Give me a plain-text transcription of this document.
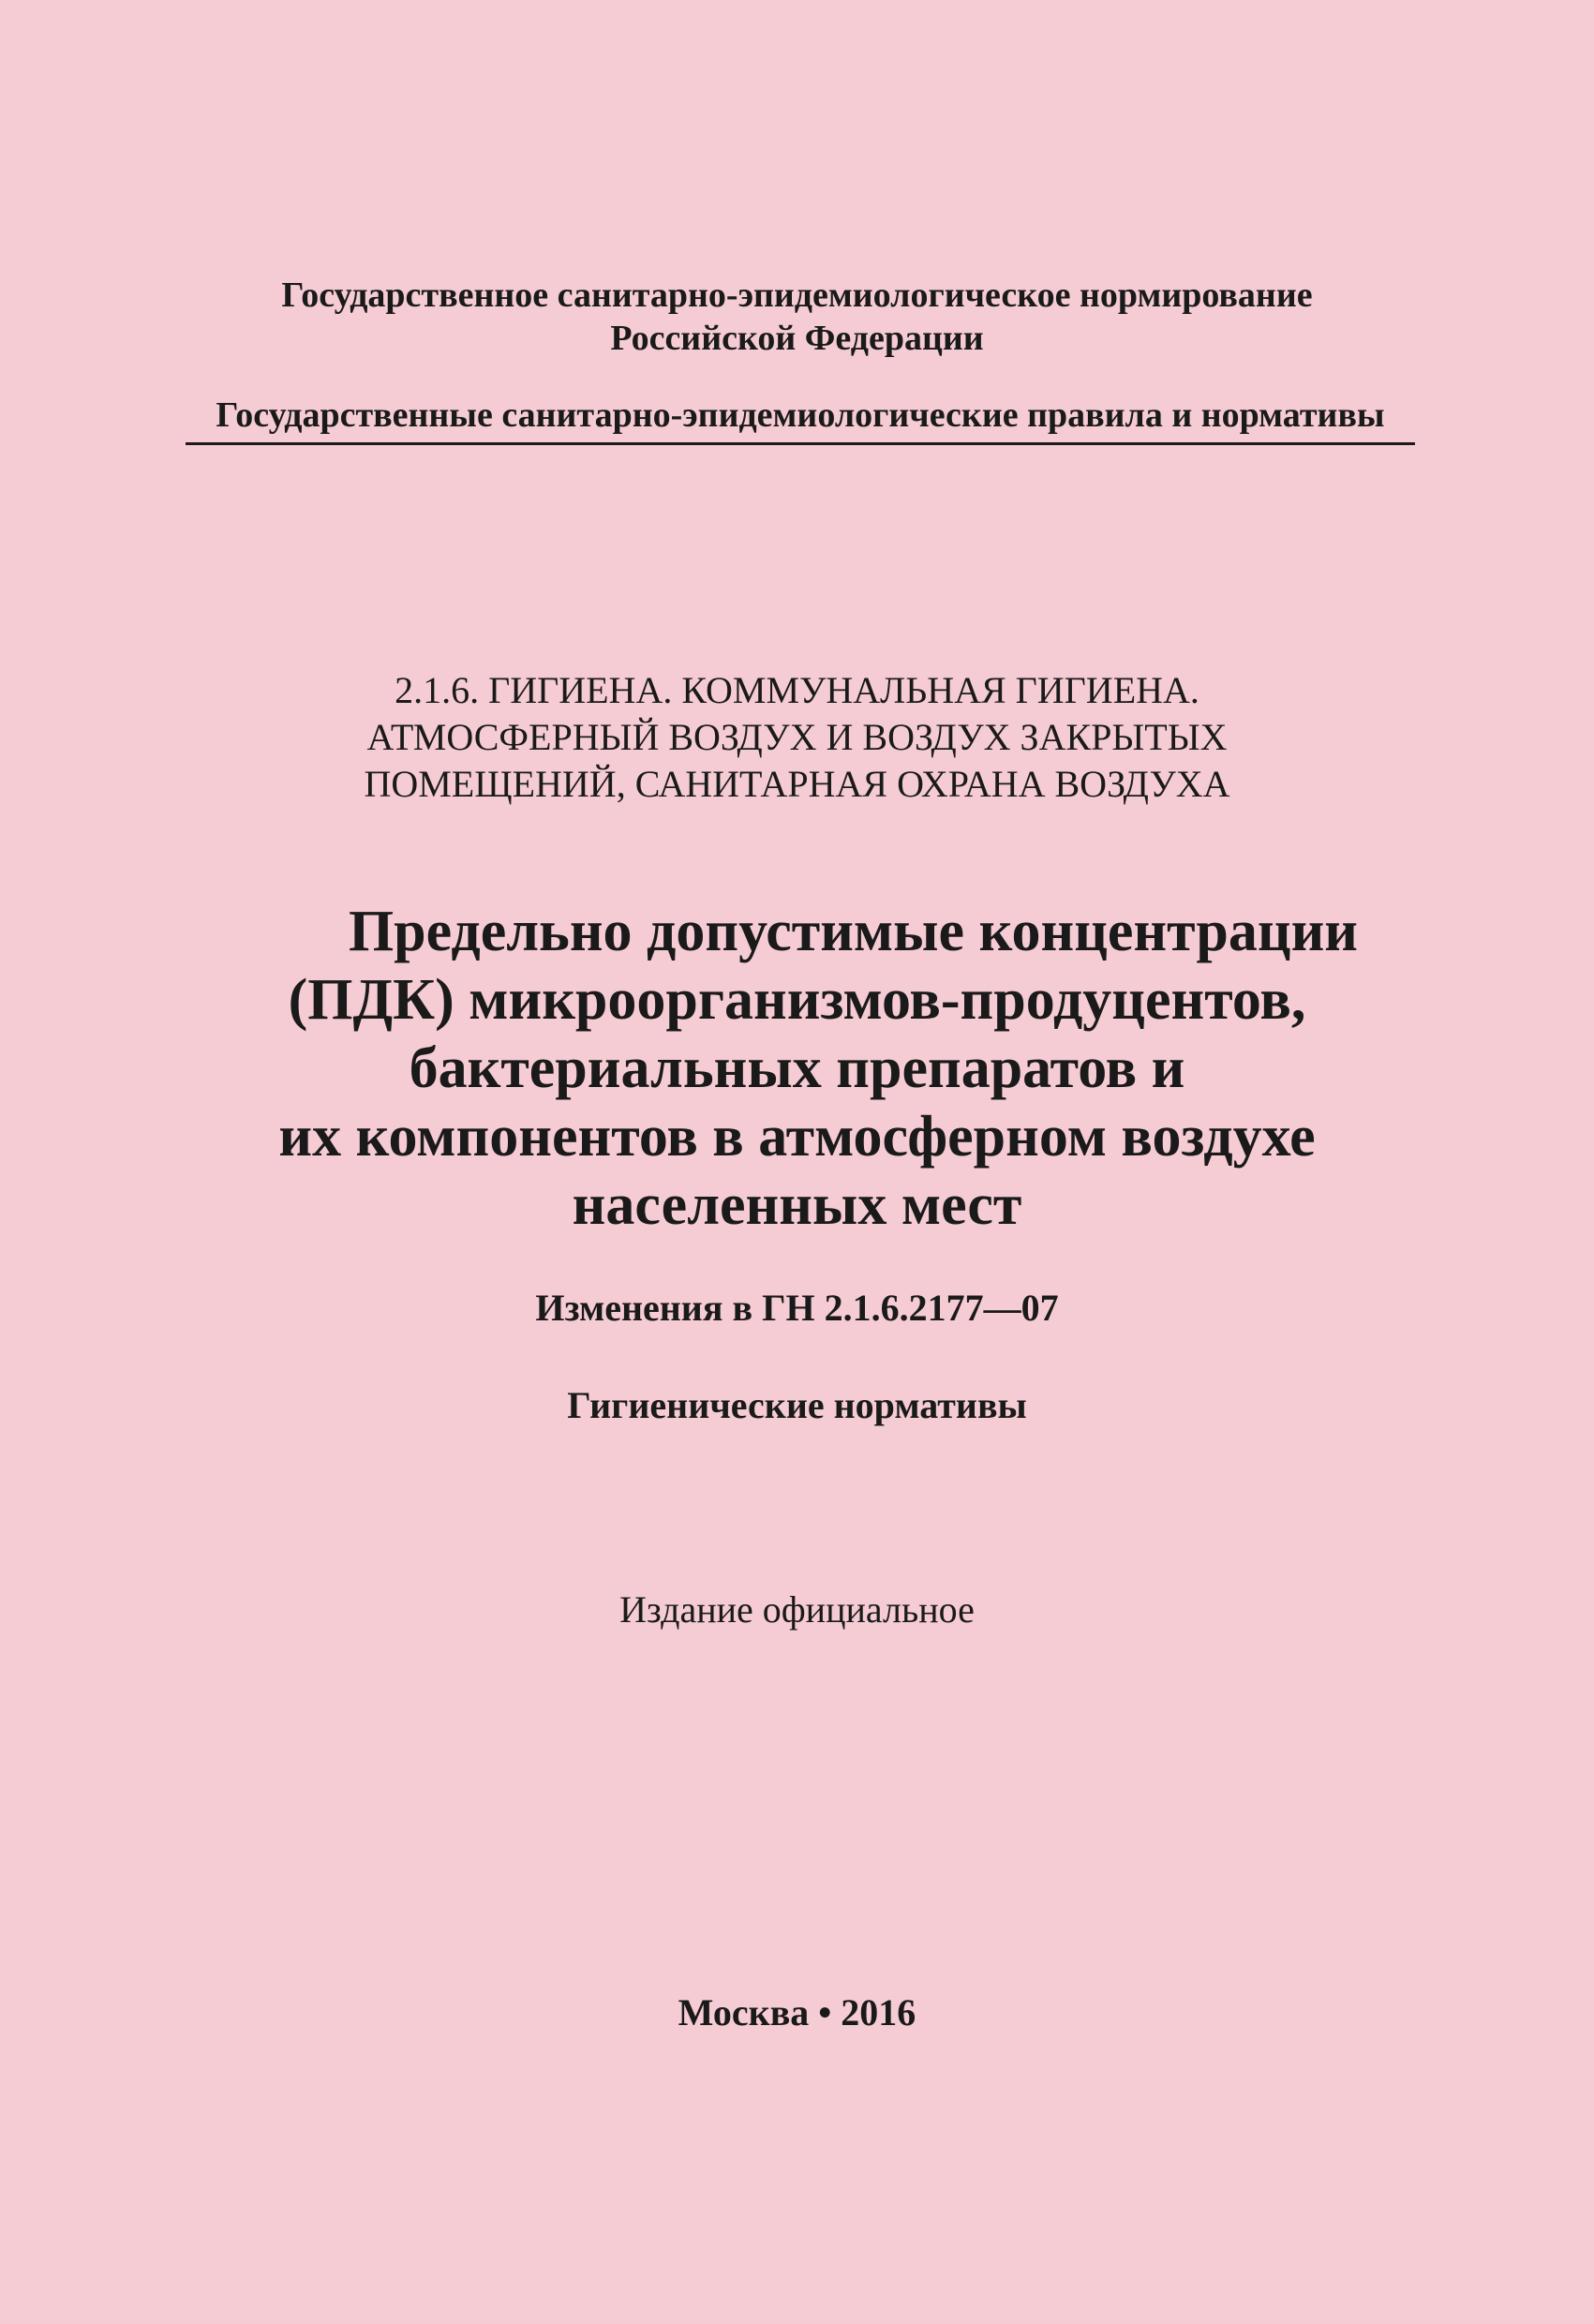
Государственное санитарно-эпидемиологическое нормирование
Российской Федерации
Государственные санитарно-эпидемиологические правила и нормативы
2.1.6. ГИГИЕНА. КОММУНАЛЬНАЯ ГИГИЕНА.
АТМОСФЕРНЫЙ ВОЗДУХ И ВОЗДУХ ЗАКРЫТЫХ
ПОМЕЩЕНИЙ, САНИТАРНАЯ ОХРАНА ВОЗДУХА
Предельно допустимые концентрации
(ПДК) микроорганизмов-продуцентов,
бактериальных препаратов и
их компонентов в атмосферном воздухе
населенных мест
Изменения в ГН 2.1.6.2177—07
Гигиенические нормативы
Издание официальное
Москва • 2016
